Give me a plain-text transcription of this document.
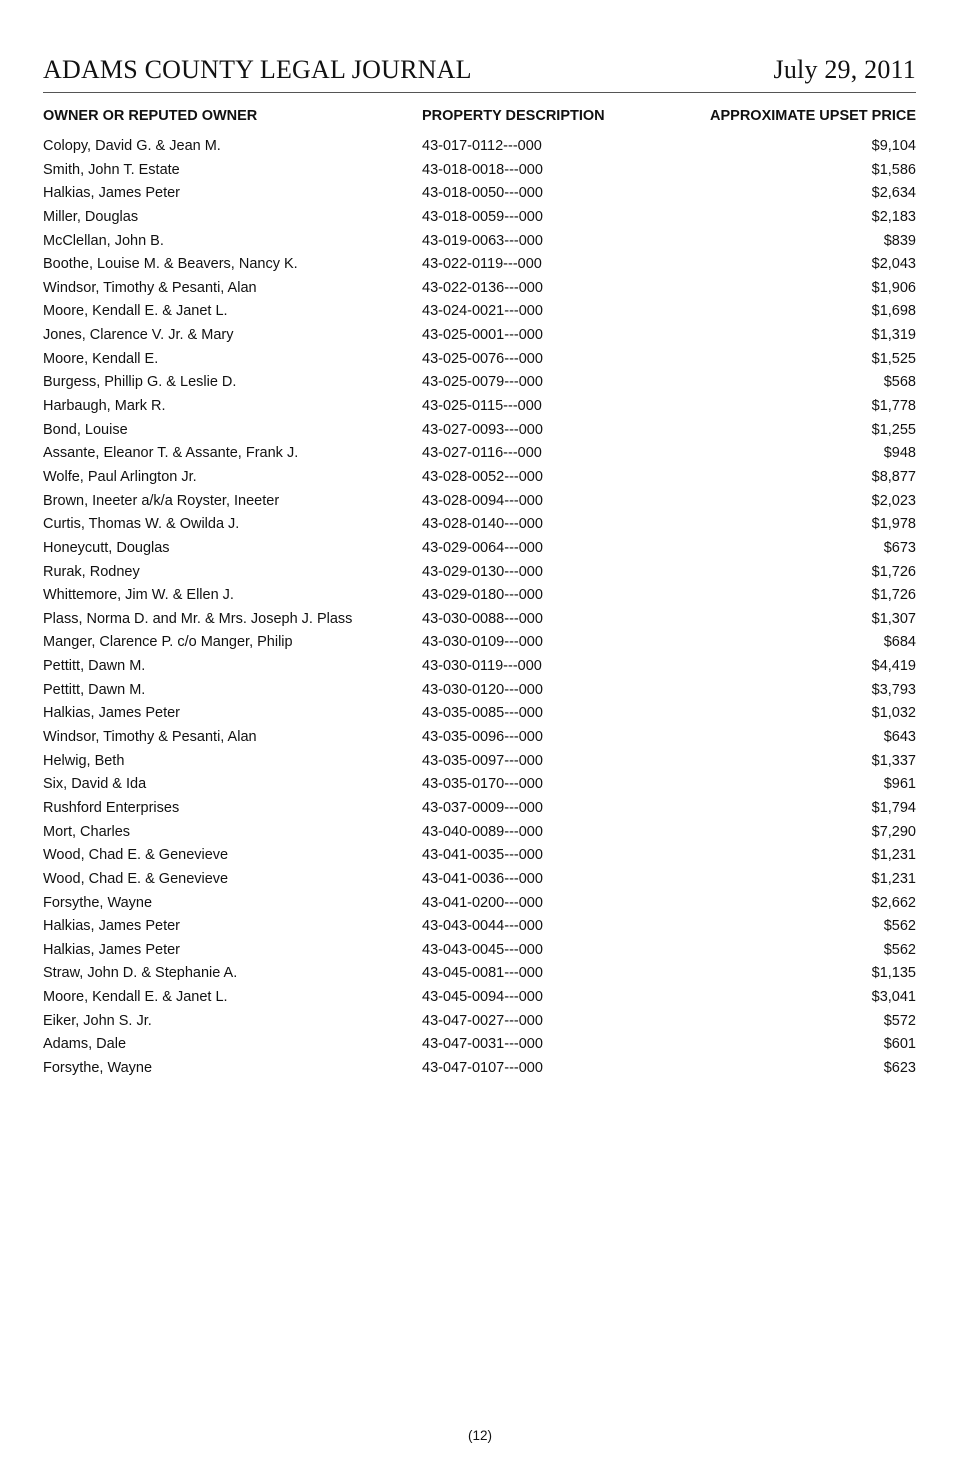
ADAMS COUNTY LEGAL JOURNAL	July 29, 2011
OWNER OR REPUTED OWNER	PROPERTY DESCRIPTION	APPROXIMATE UPSET PRICE
Colopy, David G. & Jean M.	43-017-0112---000	$9,104
Smith, John T. Estate	43-018-0018---000	$1,586
Halkias, James Peter	43-018-0050---000	$2,634
Miller, Douglas	43-018-0059---000	$2,183
McClellan, John B.	43-019-0063---000	$839
Boothe, Louise M. & Beavers, Nancy K.	43-022-0119---000	$2,043
Windsor, Timothy & Pesanti, Alan	43-022-0136---000	$1,906
Moore, Kendall E. & Janet L.	43-024-0021---000	$1,698
Jones, Clarence V. Jr. & Mary	43-025-0001---000	$1,319
Moore, Kendall E.	43-025-0076---000	$1,525
Burgess, Phillip G. & Leslie D.	43-025-0079---000	$568
Harbaugh, Mark R.	43-025-0115---000	$1,778
Bond, Louise	43-027-0093---000	$1,255
Assante, Eleanor T. & Assante, Frank J.	43-027-0116---000	$948
Wolfe, Paul Arlington Jr.	43-028-0052---000	$8,877
Brown, Ineeter a/k/a Royster, Ineeter	43-028-0094---000	$2,023
Curtis, Thomas W. & Owilda J.	43-028-0140---000	$1,978
Honeycutt, Douglas	43-029-0064---000	$673
Rurak, Rodney	43-029-0130---000	$1,726
Whittemore, Jim W. & Ellen J.	43-029-0180---000	$1,726
Plass, Norma D. and Mr. & Mrs. Joseph J. Plass	43-030-0088---000	$1,307
Manger, Clarence P. c/o Manger, Philip	43-030-0109---000	$684
Pettitt, Dawn M.	43-030-0119---000	$4,419
Pettitt, Dawn M.	43-030-0120---000	$3,793
Halkias, James Peter	43-035-0085---000	$1,032
Windsor, Timothy & Pesanti, Alan	43-035-0096---000	$643
Helwig, Beth	43-035-0097---000	$1,337
Six, David & Ida	43-035-0170---000	$961
Rushford Enterprises	43-037-0009---000	$1,794
Mort, Charles	43-040-0089---000	$7,290
Wood, Chad E. & Genevieve	43-041-0035---000	$1,231
Wood, Chad E. & Genevieve	43-041-0036---000	$1,231
Forsythe, Wayne	43-041-0200---000	$2,662
Halkias, James Peter	43-043-0044---000	$562
Halkias, James Peter	43-043-0045---000	$562
Straw, John D. & Stephanie A.	43-045-0081---000	$1,135
Moore, Kendall E. & Janet L.	43-045-0094---000	$3,041
Eiker, John S. Jr.	43-047-0027---000	$572
Adams, Dale	43-047-0031---000	$601
Forsythe, Wayne	43-047-0107---000	$623
(12)
